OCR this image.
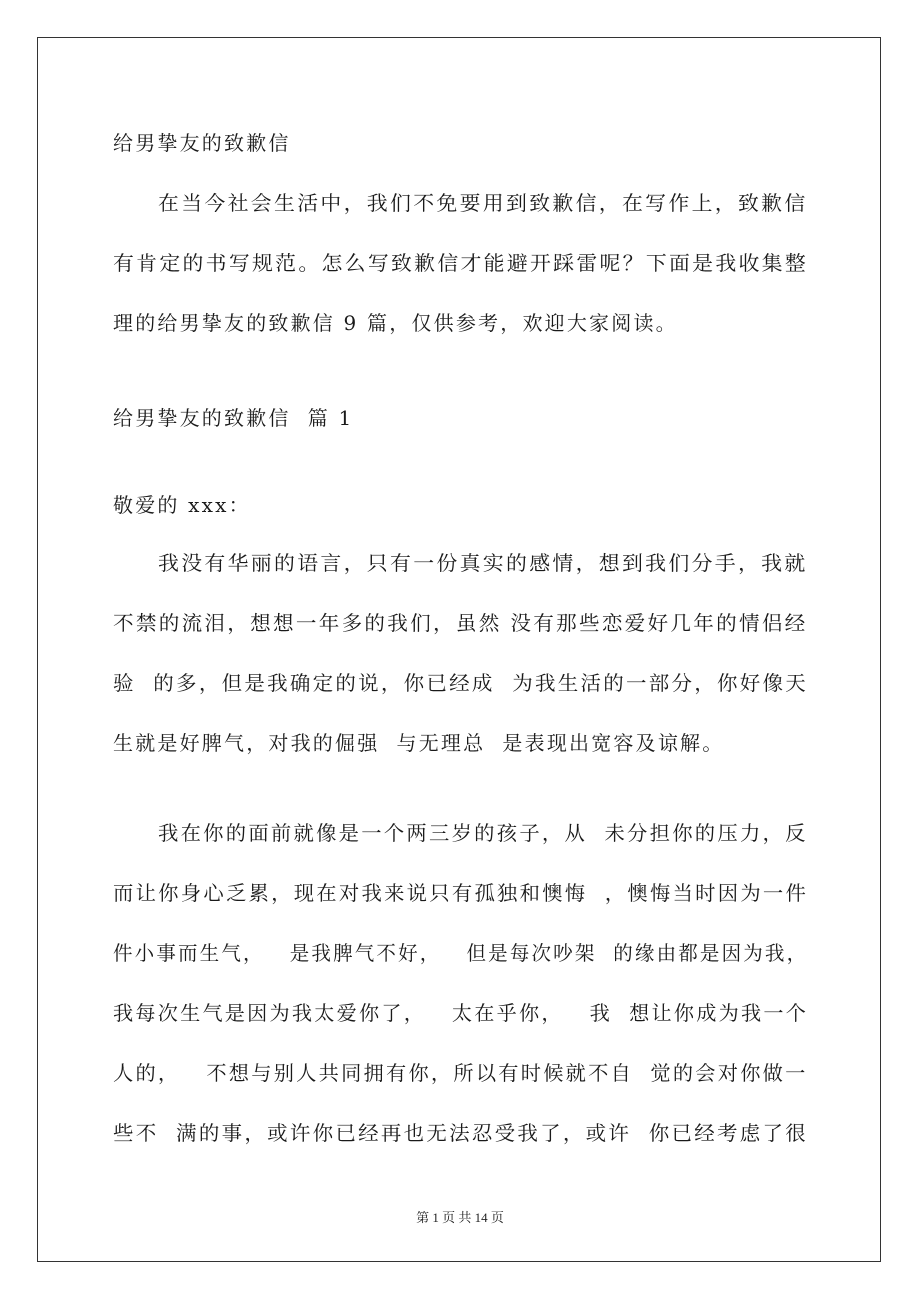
给男挚友的致歉信
在当今社会生活中，我们不免要用到致歉信，在写作上，致歉信
有肯定的书写规范。怎么写致歉信才能避开踩雷呢？下面是我收集整
理的给男挚友的致歉信 9 篇，仅供参考，欢迎大家阅读。
给男挚友的致歉信  篇 1
敬爱的 xxx：
我没有华丽的语言，只有一份真实的感情，想到我们分手，我就
不禁的流泪，想想一年多的我们，虽然 没有那些恋爱好几年的情侣经
验  的多，但是我确定的说，你已经成  为我生活的一部分，你好像天
生就是好脾气，对我的倔强  与无理总  是表现出宽容及谅解。
我在你的面前就像是一个两三岁的孩子，从  未分担你的压力，反
而让你身心乏累，现在对我来说只有孤独和懊悔  ，懊悔当时因为一件
件小事而生气，   是我脾气不好，   但是每次吵架  的缘由都是因为我，
我每次生气是因为我太爱你了，   太在乎你，   我  想让你成为我一个
人的，   不想与别人共同拥有你，所以有时候就不自  觉的会对你做一
些不  满的事，或许你已经再也无法忍受我了，或许  你已经考虑了很
第 1 页 共 14 页
